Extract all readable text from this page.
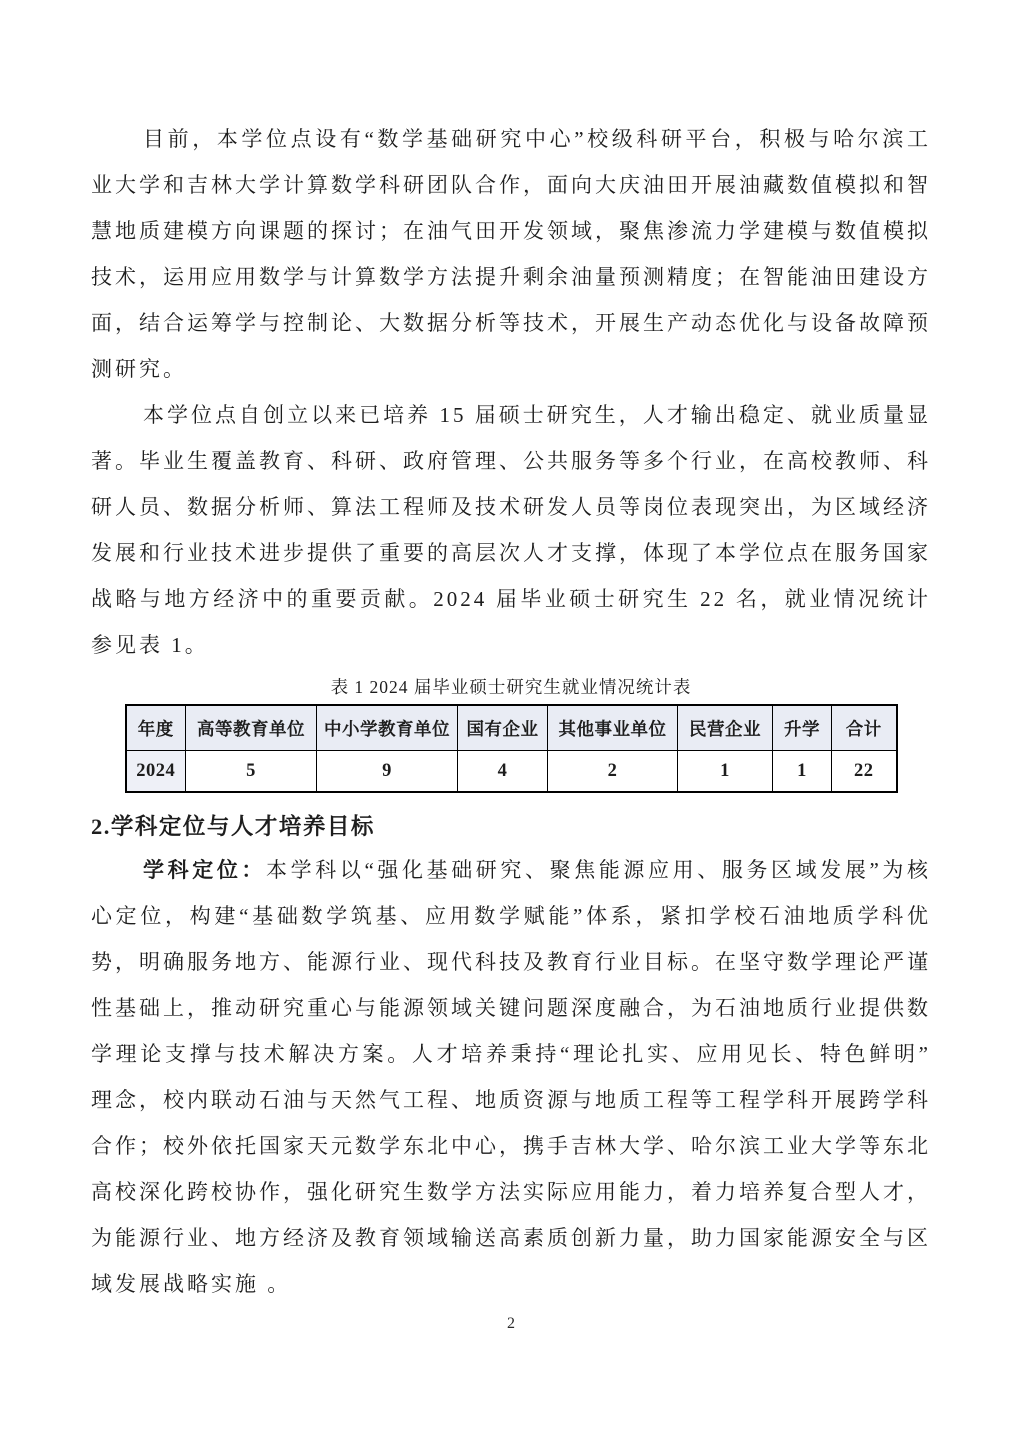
目前，本学位点设有“数学基础研究中心”校级科研平台，积极与哈尔滨工业大学和吉林大学计算数学科研团队合作，面向大庆油田开展油藏数值模拟和智慧地质建模方向课题的探讨；在油气田开发领域，聚焦渗流力学建模与数值模拟技术，运用应用数学与计算数学方法提升剩余油量预测精度；在智能油田建设方面，结合运筹学与控制论、大数据分析等技术，开展生产动态优化与设备故障预测研究。

本学位点自创立以来已培养 15 届硕士研究生，人才输出稳定、就业质量显著。毕业生覆盖教育、科研、政府管理、公共服务等多个行业，在高校教师、科研人员、数据分析师、算法工程师及技术研发人员等岗位表现突出，为区域经济发展和行业技术进步提供了重要的高层次人才支撑，体现了本学位点在服务国家战略与地方经济中的重要贡献。2024 届毕业硕士研究生 22 名，就业情况统计参见表 1。

表 1 2024 届毕业硕士研究生就业情况统计表
年度	高等教育单位	中小学教育单位	国有企业	其他事业单位	民营企业	升学	合计
2024	5	9	4	2	1	1	22
2.学科定位与人才培养目标

学科定位：本学科以“强化基础研究、聚焦能源应用、服务区域发展”为核心定位，构建“基础数学筑基、应用数学赋能”体系，紧扣学校石油地质学科优势，明确服务地方、能源行业、现代科技及教育行业目标。在坚守数学理论严谨性基础上，推动研究重心与能源领域关键问题深度融合，为石油地质行业提供数学理论支撑与技术解决方案。人才培养秉持“理论扎实、应用见长、特色鲜明”理念，校内联动石油与天然气工程、地质资源与地质工程等工程学科开展跨学科合作；校外依托国家天元数学东北中心，携手吉林大学、哈尔滨工业大学等东北高校深化跨校协作，强化研究生数学方法实际应用能力，着力培养复合型人才，为能源行业、地方经济及教育领域输送高素质创新力量，助力国家能源安全与区域发展战略实施 。

2
